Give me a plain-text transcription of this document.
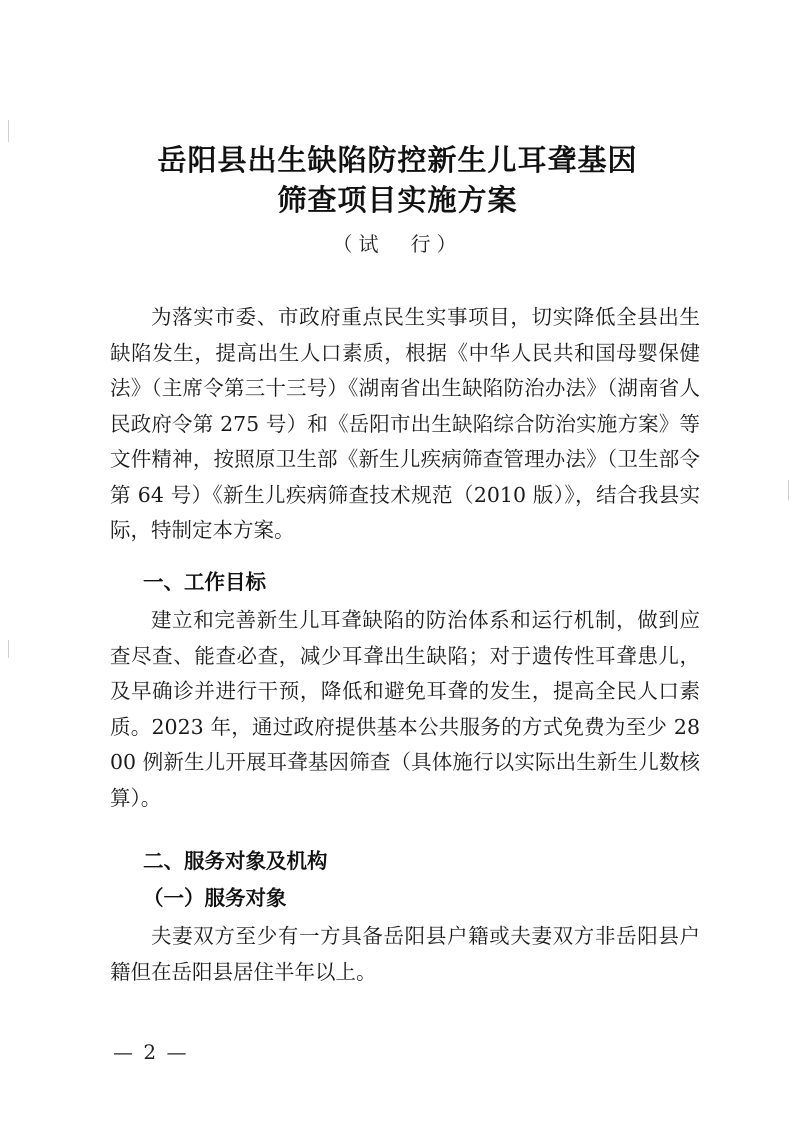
岳阳县出生缺陷防控新生儿耳聋基因
筛查项目实施方案
（试　行）

为落实市委、市政府重点民生实事项目，切实降低全县出生缺陷发生，提高出生人口素质，根据《中华人民共和国母婴保健法》（主席令第三十三号）《湖南省出生缺陷防治办法》（湖南省人民政府令第 275 号）和《岳阳市出生缺陷综合防治实施方案》等文件精神，按照原卫生部《新生儿疾病筛查管理办法》（卫生部令第 64 号）《新生儿疾病筛查技术规范（2010 版）》，结合我县实际，特制定本方案。

一、工作目标

建立和完善新生儿耳聋缺陷的防治体系和运行机制，做到应查尽查、能查必查，减少耳聋出生缺陷；对于遗传性耳聋患儿，及早确诊并进行干预，降低和避免耳聋的发生，提高全民人口素质。2023 年，通过政府提供基本公共服务的方式免费为至少 2800 例新生儿开展耳聋基因筛查（具体施行以实际出生新生儿数核算）。

二、服务对象及机构
（一）服务对象

夫妻双方至少有一方具备岳阳县户籍或夫妻双方非岳阳县户籍但在岳阳县居住半年以上。

— 2 —
